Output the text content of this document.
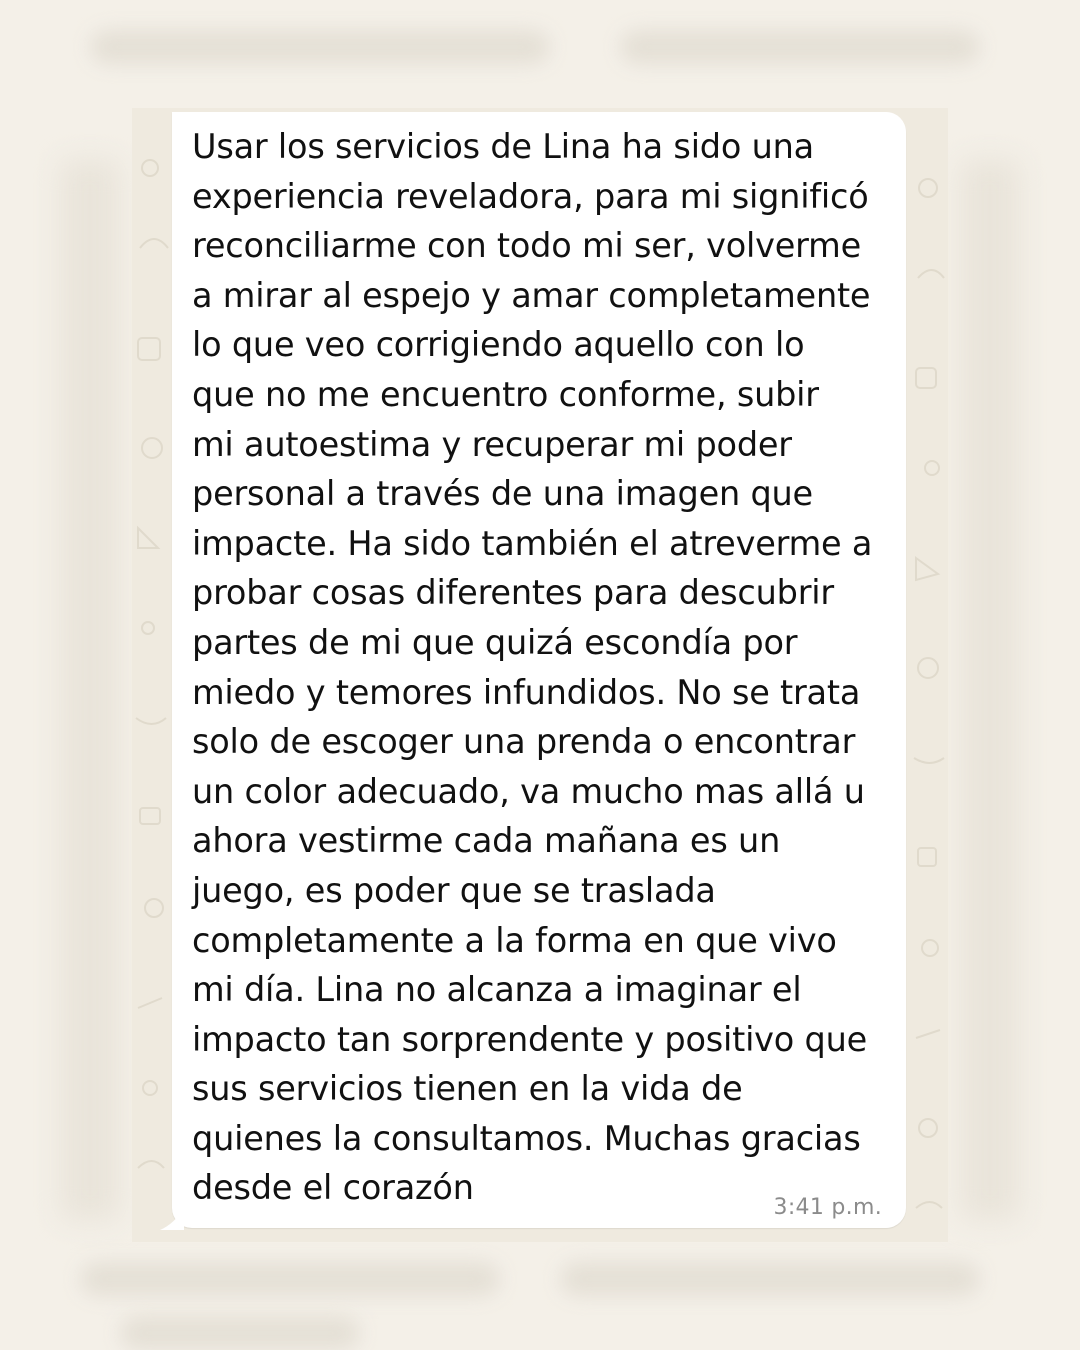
Usar los servicios de Lina ha sido una
experiencia reveladora, para mi significó
reconciliarme con todo mi ser, volverme
a mirar al espejo y amar completamente
lo que veo corrigiendo aquello con lo
que no me encuentro conforme, subir
mi autoestima y recuperar mi poder
personal a través de una imagen que
impacte. Ha sido también el atreverme a
probar cosas diferentes para descubrir
partes de mi que quizá escondía por
miedo y temores infundidos. No se trata
solo de escoger una prenda o encontrar
un color adecuado, va mucho mas allá u
ahora vestirme cada mañana es un
juego, es poder que se traslada
completamente a la forma en que vivo
mi día. Lina no alcanza a imaginar el
impacto tan sorprendente y positivo que
sus servicios tienen en la vida de
quienes la consultamos. Muchas gracias
desde el corazón
3:41 p.m.
